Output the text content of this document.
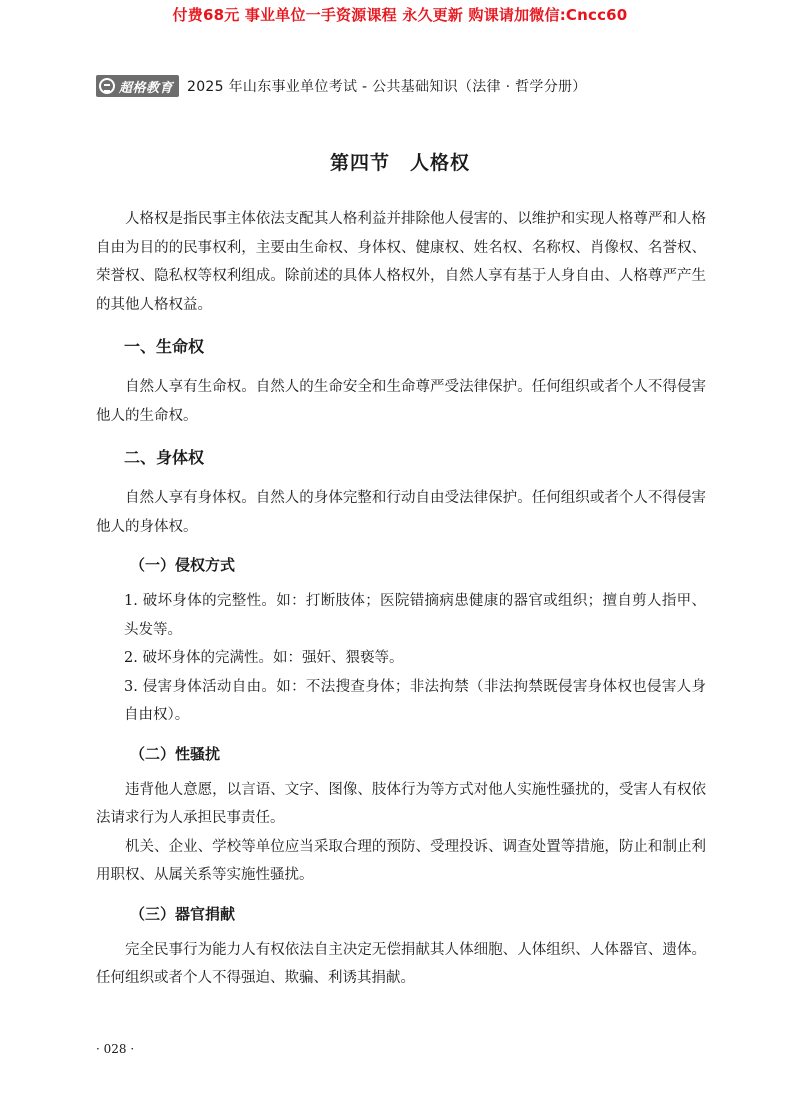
付费68元 事业单位一手资源课程 永久更新 购课请加微信:Cncc60
超格教育 2025 年山东事业单位考试 - 公共基础知识（法律 · 哲学分册）
第四节　人格权

人格权是指民事主体依法支配其人格利益并排除他人侵害的、以维护和实现人格尊严和人格自由为目的的民事权利，主要由生命权、身体权、健康权、姓名权、名称权、肖像权、名誉权、荣誉权、隐私权等权利组成。除前述的具体人格权外，自然人享有基于人身自由、人格尊严产生的其他人格权益。

一、生命权

自然人享有生命权。自然人的生命安全和生命尊严受法律保护。任何组织或者个人不得侵害他人的生命权。

二、身体权

自然人享有身体权。自然人的身体完整和行动自由受法律保护。任何组织或者个人不得侵害他人的身体权。

（一）侵权方式

1. 破坏身体的完整性。如：打断肢体；医院错摘病患健康的器官或组织；擅自剪人指甲、头发等。

2. 破坏身体的完满性。如：强奸、猥亵等。

3. 侵害身体活动自由。如：不法搜查身体；非法拘禁（非法拘禁既侵害身体权也侵害人身自由权）。

（二）性骚扰

违背他人意愿，以言语、文字、图像、肢体行为等方式对他人实施性骚扰的，受害人有权依法请求行为人承担民事责任。

机关、企业、学校等单位应当采取合理的预防、受理投诉、调查处置等措施，防止和制止利用职权、从属关系等实施性骚扰。

（三）器官捐献

完全民事行为能力人有权依法自主决定无偿捐献其人体细胞、人体组织、人体器官、遗体。任何组织或者个人不得强迫、欺骗、利诱其捐献。

· 028 ·
